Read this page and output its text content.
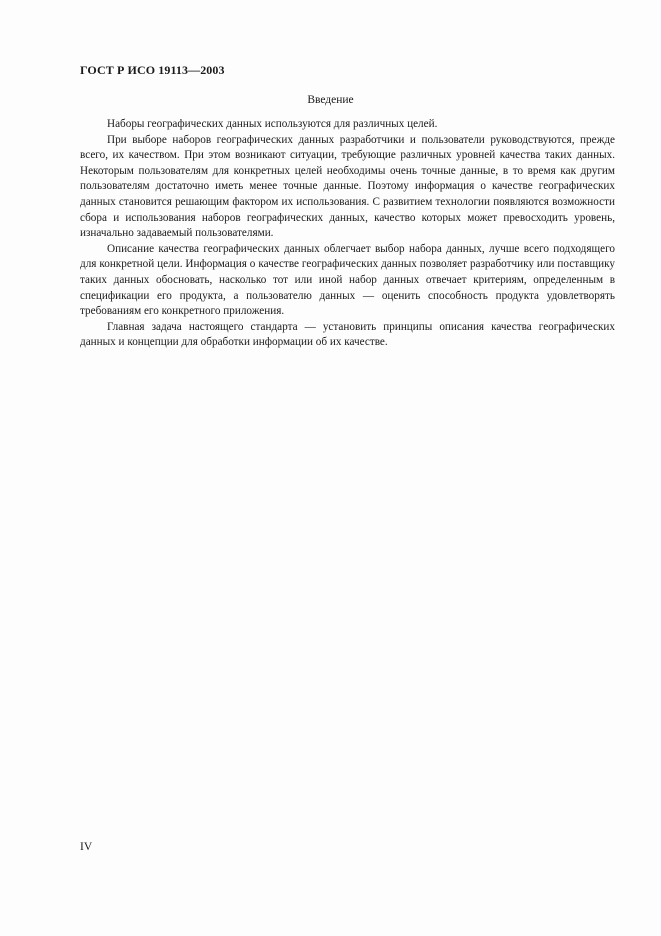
ГОСТ Р ИСО 19113—2003
Введение

Наборы географических данных используются для различных целей.

При выборе наборов географических данных разработчики и пользователи руководствуются, прежде всего, их качеством. При этом возникают ситуации, требующие различных уровней качества таких данных. Некоторым пользователям для конкретных целей необходимы очень точные данные, в то время как другим пользователям достаточно иметь менее точные данные. Поэтому информация о качестве географических данных становится решающим фактором их использования. С развитием технологии появляются возможности сбора и использования наборов географических данных, качество которых может превосходить уровень, изначально задаваемый пользователями.

Описание качества географических данных облегчает выбор набора данных, лучше всего подходящего для конкретной цели. Информация о качестве географических данных позволяет разработчику или поставщику таких данных обосновать, насколько тот или иной набор данных отвечает критериям, определенным в спецификации его продукта, а пользователю данных — оценить способность продукта удовлетворять требованиям его конкретного приложения.

Главная задача настоящего стандарта — установить принципы описания качества географических данных и концепции для обработки информации об их качестве.

IV
